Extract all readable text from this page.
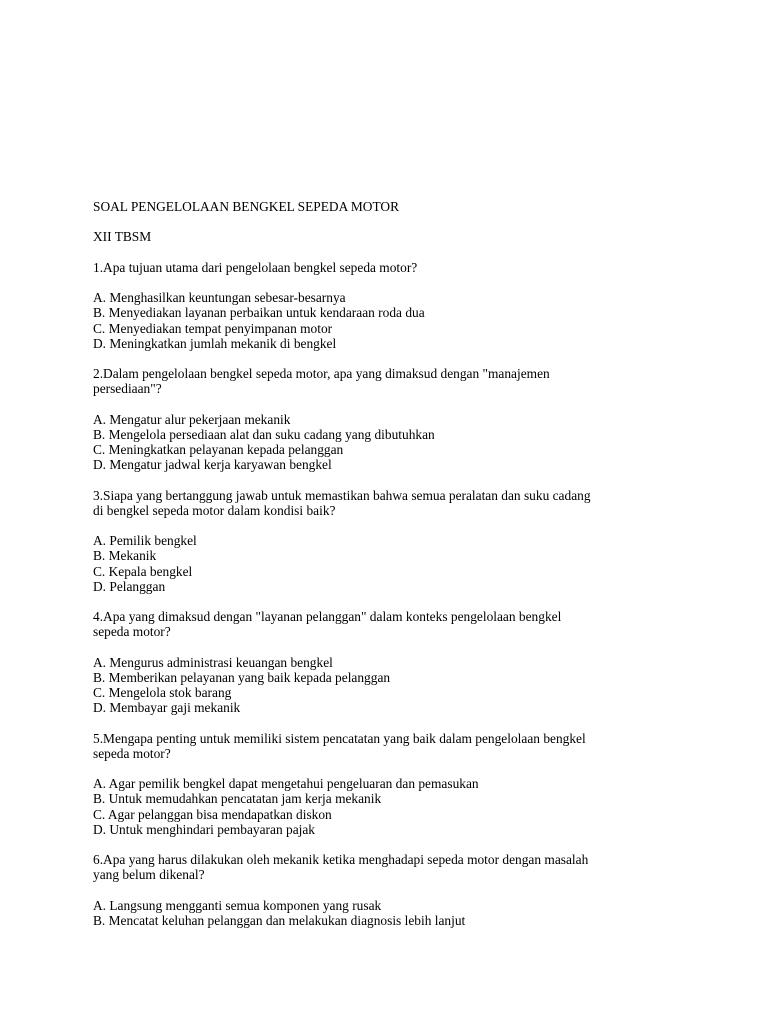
SOAL PENGELOLAAN BENGKEL SEPEDA MOTOR
XII TBSM
1.Apa tujuan utama dari pengelolaan bengkel sepeda motor?
A. Menghasilkan keuntungan sebesar-besarnya
B. Menyediakan layanan perbaikan untuk kendaraan roda dua
C. Menyediakan tempat penyimpanan motor
D. Meningkatkan jumlah mekanik di bengkel
2.Dalam pengelolaan bengkel sepeda motor, apa yang dimaksud dengan "manajemen
persediaan"?
A. Mengatur alur pekerjaan mekanik
B. Mengelola persediaan alat dan suku cadang yang dibutuhkan
C. Meningkatkan pelayanan kepada pelanggan
D. Mengatur jadwal kerja karyawan bengkel
3.Siapa yang bertanggung jawab untuk memastikan bahwa semua peralatan dan suku cadang
di bengkel sepeda motor dalam kondisi baik?
A. Pemilik bengkel
B. Mekanik
C. Kepala bengkel
D. Pelanggan
4.Apa yang dimaksud dengan "layanan pelanggan" dalam konteks pengelolaan bengkel
sepeda motor?
A. Mengurus administrasi keuangan bengkel
B. Memberikan pelayanan yang baik kepada pelanggan
C. Mengelola stok barang
D. Membayar gaji mekanik
5.Mengapa penting untuk memiliki sistem pencatatan yang baik dalam pengelolaan bengkel
sepeda motor?
A. Agar pemilik bengkel dapat mengetahui pengeluaran dan pemasukan
B. Untuk memudahkan pencatatan jam kerja mekanik
C. Agar pelanggan bisa mendapatkan diskon
D. Untuk menghindari pembayaran pajak
6.Apa yang harus dilakukan oleh mekanik ketika menghadapi sepeda motor dengan masalah
yang belum dikenal?
A. Langsung mengganti semua komponen yang rusak
B. Mencatat keluhan pelanggan dan melakukan diagnosis lebih lanjut
